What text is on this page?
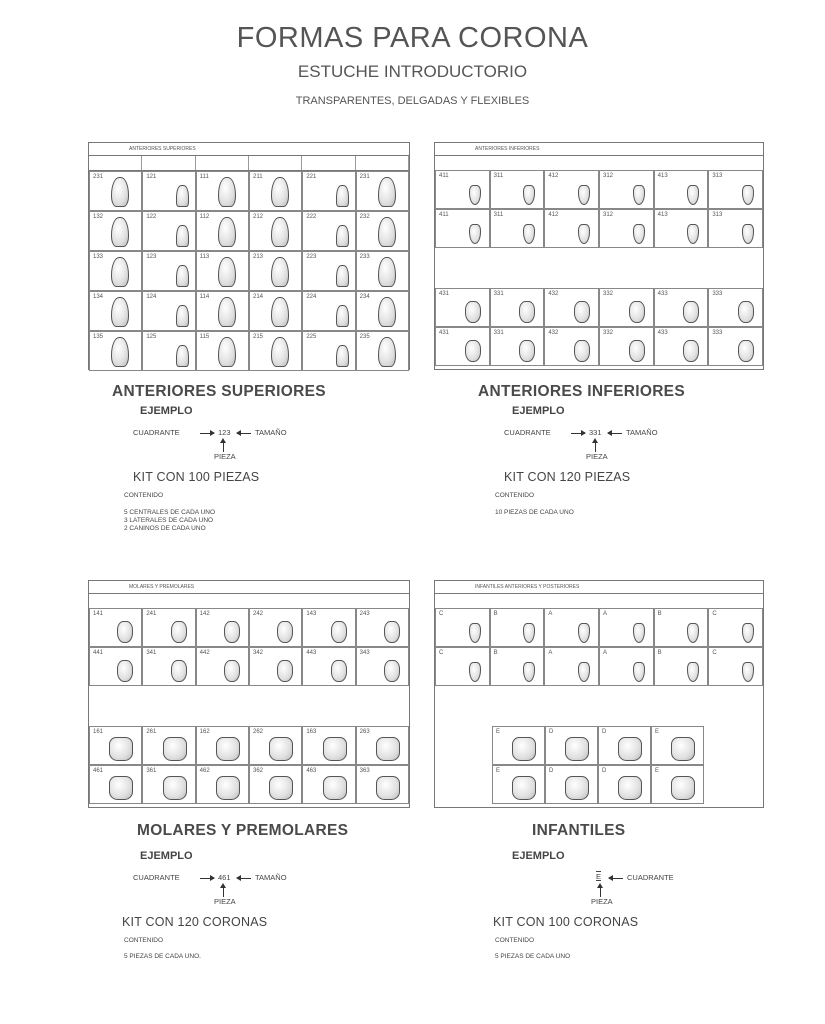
FORMAS PARA CORONA
ESTUCHE INTRODUCTORIO
TRANSPARENTES, DELGADAS Y FLEXIBLES
ANTERIORES SUPERIORES
231	121	111	211	221	231
132	122	112	212	222	232
133	123	113	213	223	233
134	124	114	214	224	234
135	125	115	215	225	235
ANTERIORES INFERIORES
411	311	412	312	413	313
411	311	412	312	413	313
431	331	432	332	433	333
431	331	432	332	433	333
MOLARES Y PREMOLARES
141	241	142	242	143	243
441	341	442	342	443	343
161	261	162	262	163	263
461	361	462	362	463	363
INFANTILES ANTERIORES Y POSTERIORES
C	B	A	A	B	C
C	B	A	A	B	C
E	D	D	E
E	D	D	E
ANTERIORES SUPERIORES
EJEMPLO
CUADRANTE	123	TAMAÑO
PIEZA
KIT CON 100 PIEZAS
CONTENIDO
5 CENTRALES DE CADA UNO
3 LATERALES DE CADA UNO
2 CANINOS DE CADA UNO
ANTERIORES INFERIORES
EJEMPLO
CUADRANTE	331	TAMAÑO
PIEZA
KIT CON 120 PIEZAS
CONTENIDO
10 PIEZAS DE CADA UNO
MOLARES Y PREMOLARES
EJEMPLO
CUADRANTE	461	TAMAÑO
PIEZA
KIT CON 120 CORONAS
CONTENIDO
5 PIEZAS DE CADA UNO.
INFANTILES
EJEMPLO
E	CUADRANTE
PIEZA
KIT CON 100 CORONAS
CONTENIDO
5 PIEZAS DE CADA UNO
